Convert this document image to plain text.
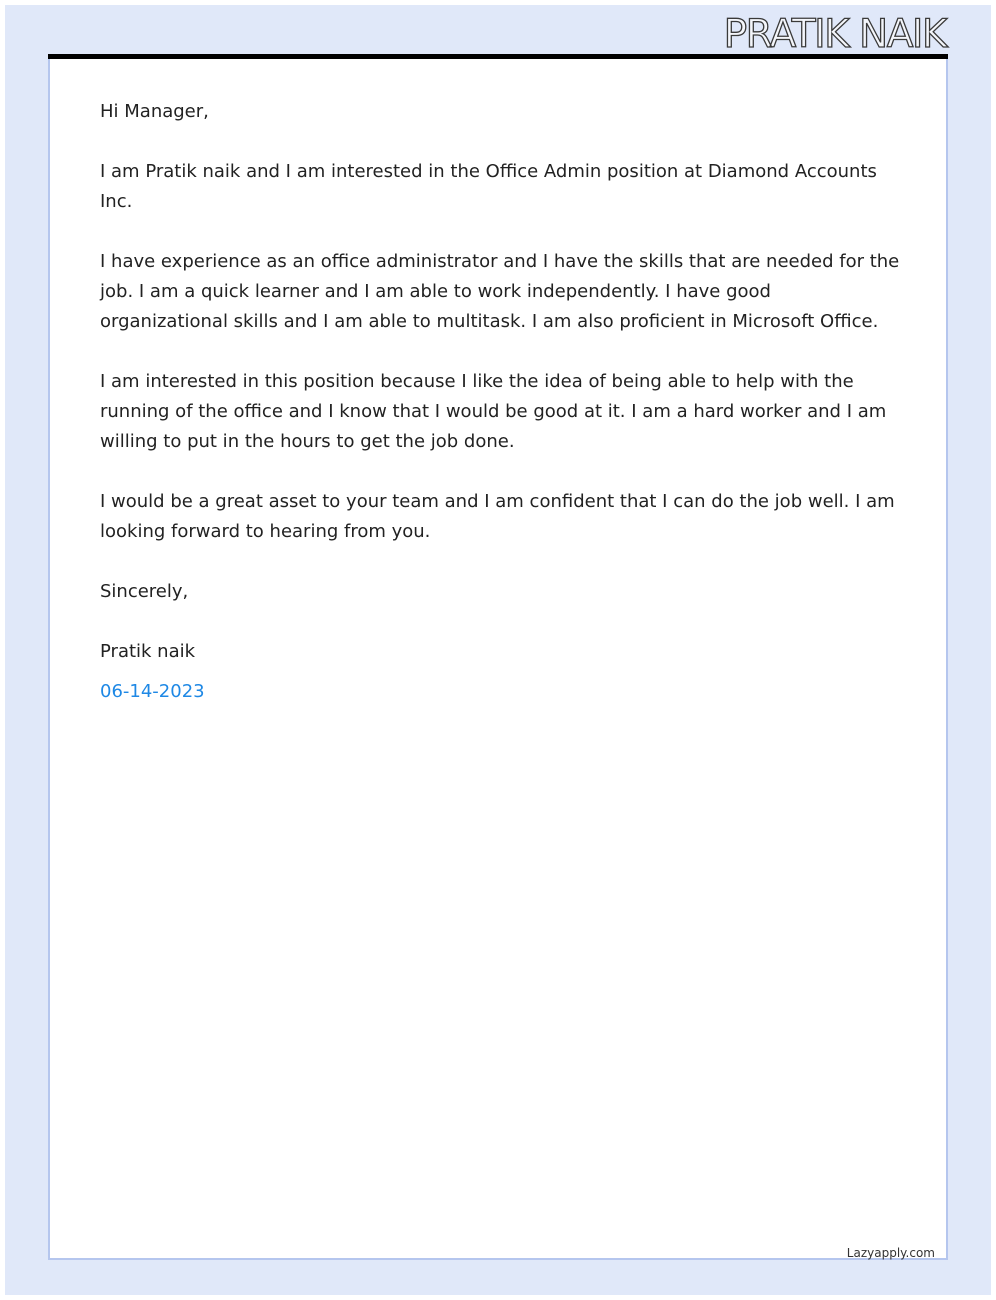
PRATIK NAIK

Hi Manager,

I am Pratik naik and I am interested in the Office Admin position at Diamond Accounts Inc.

I have experience as an office administrator and I have the skills that are needed for the job. I am a quick learner and I am able to work independently. I have good organizational skills and I am able to multitask. I am also proficient in Microsoft Office.

I am interested in this position because I like the idea of being able to help with the running of the office and I know that I would be good at it. I am a hard worker and I am willing to put in the hours to get the job done.

I would be a great asset to your team and I am confident that I can do the job well. I am looking forward to hearing from you.

Sincerely,

Pratik naik

06-14-2023

Lazyapply.com
